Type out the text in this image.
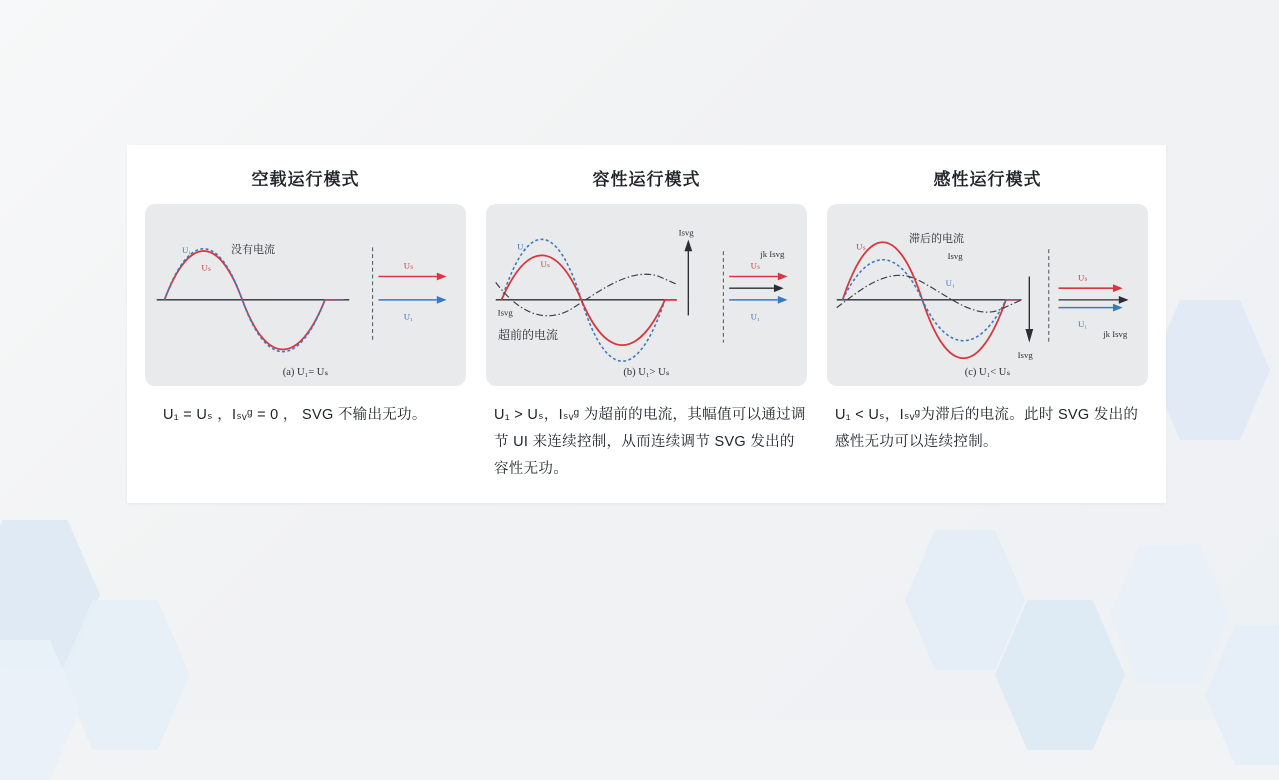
空载运行模式
U₁
Uₛ	Uₛ
U₁
没有电流
(a) U₁= Uₛ
U₁ = Uₛ ，Iₛᵥᵍ = 0 ， SVG 不输出无功。
容性运行模式
U₁
Uₛ
Isvg
Isvg
Uₛ
U₁
jk Isvg
超前的电流
(b) U₁> Uₛ
U₁ > Uₛ，Iₛᵥᵍ 为超前的电流，其幅值可以通过调节 UI 来连续控制，从而连续调节 SVG 发出的容性无功。
感性运行模式
Uₛ
U₁
Isvg
Isvg
Uₛ
U₁
jk Isvg
滞后的电流
(c) U₁< Uₛ
U₁ < Uₛ，Iₛᵥᵍ为滞后的电流。此时 SVG 发出的感性无功可以连续控制。
